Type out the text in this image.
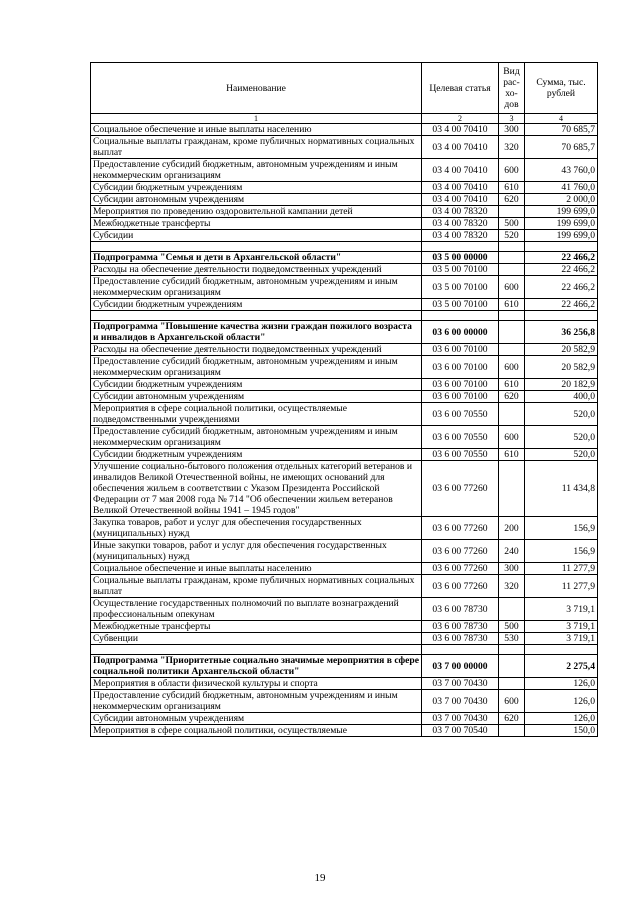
Наименование	Целевая статья	Вид рас-хо-дов	Сумма, тыс. рублей
1	2	3	4
Социальное обеспечение и иные выплаты населению	03 4 00 70410	300	70 685,7
Социальные выплаты гражданам, кроме публичных нормативных социальных выплат	03 4 00 70410	320	70 685,7
Предоставление субсидий бюджетным, автономным учреждениям и иным некоммерческим организациям	03 4 00 70410	600	43 760,0
Субсидии бюджетным учреждениям	03 4 00 70410	610	41 760,0
Субсидии автономным учреждениям	03 4 00 70410	620	2 000,0
Мероприятия по проведению оздоровительной кампании детей	03 4 00 78320		199 699,0
Межбюджетные трансферты	03 4 00 78320	500	199 699,0
Субсидии	03 4 00 78320	520	199 699,0

Подпрограмма "Семья и дети в Архангельской области"	03 5 00 00000		22 466,2
Расходы на обеспечение деятельности подведомственных учреждений	03 5 00 70100		22 466,2
Предоставление субсидий бюджетным, автономным учреждениям и иным некоммерческим организациям	03 5 00 70100	600	22 466,2
Субсидии бюджетным учреждениям	03 5 00 70100	610	22 466,2

Подпрограмма "Повышение качества жизни граждан пожилого возраста и инвалидов в Архангельской области"	03 6 00 00000		36 256,8
Расходы на обеспечение деятельности подведомственных учреждений	03 6 00 70100		20 582,9
Предоставление субсидий бюджетным, автономным учреждениям и иным некоммерческим организациям	03 6 00 70100	600	20 582,9
Субсидии бюджетным учреждениям	03 6 00 70100	610	20 182,9
Субсидии автономным учреждениям	03 6 00 70100	620	400,0
Мероприятия в сфере социальной политики, осуществляемые подведомственными учреждениями	03 6 00 70550		520,0
Предоставление субсидий бюджетным, автономным учреждениям и иным некоммерческим организациям	03 6 00 70550	600	520,0
Субсидии бюджетным учреждениям	03 6 00 70550	610	520,0
Улучшение социально-бытового положения отдельных категорий ветеранов и инвалидов Великой Отечественной войны, не имеющих оснований для обеспечения жильем в соответствии с Указом Президента Российской Федерации от 7 мая 2008 года № 714 "Об обеспечении жильем ветеранов Великой Отечественной войны 1941 – 1945 годов"	03 6 00 77260		11 434,8
Закупка товаров, работ и услуг для обеспечения государственных (муниципальных) нужд	03 6 00 77260	200	156,9
Иные закупки товаров, работ и услуг для обеспечения государственных (муниципальных) нужд	03 6 00 77260	240	156,9
Социальное обеспечение и иные выплаты населению	03 6 00 77260	300	11 277,9
Социальные выплаты гражданам, кроме публичных нормативных социальных выплат	03 6 00 77260	320	11 277,9
Осуществление государственных полномочий по выплате вознаграждений профессиональным опекунам	03 6 00 78730		3 719,1
Межбюджетные трансферты	03 6 00 78730	500	3 719,1
Субвенции	03 6 00 78730	530	3 719,1

Подпрограмма "Приоритетные социально значимые мероприятия в сфере социальной политики Архангельской области"	03 7 00 00000		2 275,4
Мероприятия в области физической культуры и спорта	03 7 00 70430		126,0
Предоставление субсидий бюджетным, автономным учреждениям и иным некоммерческим организациям	03 7 00 70430	600	126,0
Субсидии автономным учреждениям	03 7 00 70430	620	126,0
Мероприятия в сфере социальной политики, осуществляемые	03 7 00 70540		150,0
19
